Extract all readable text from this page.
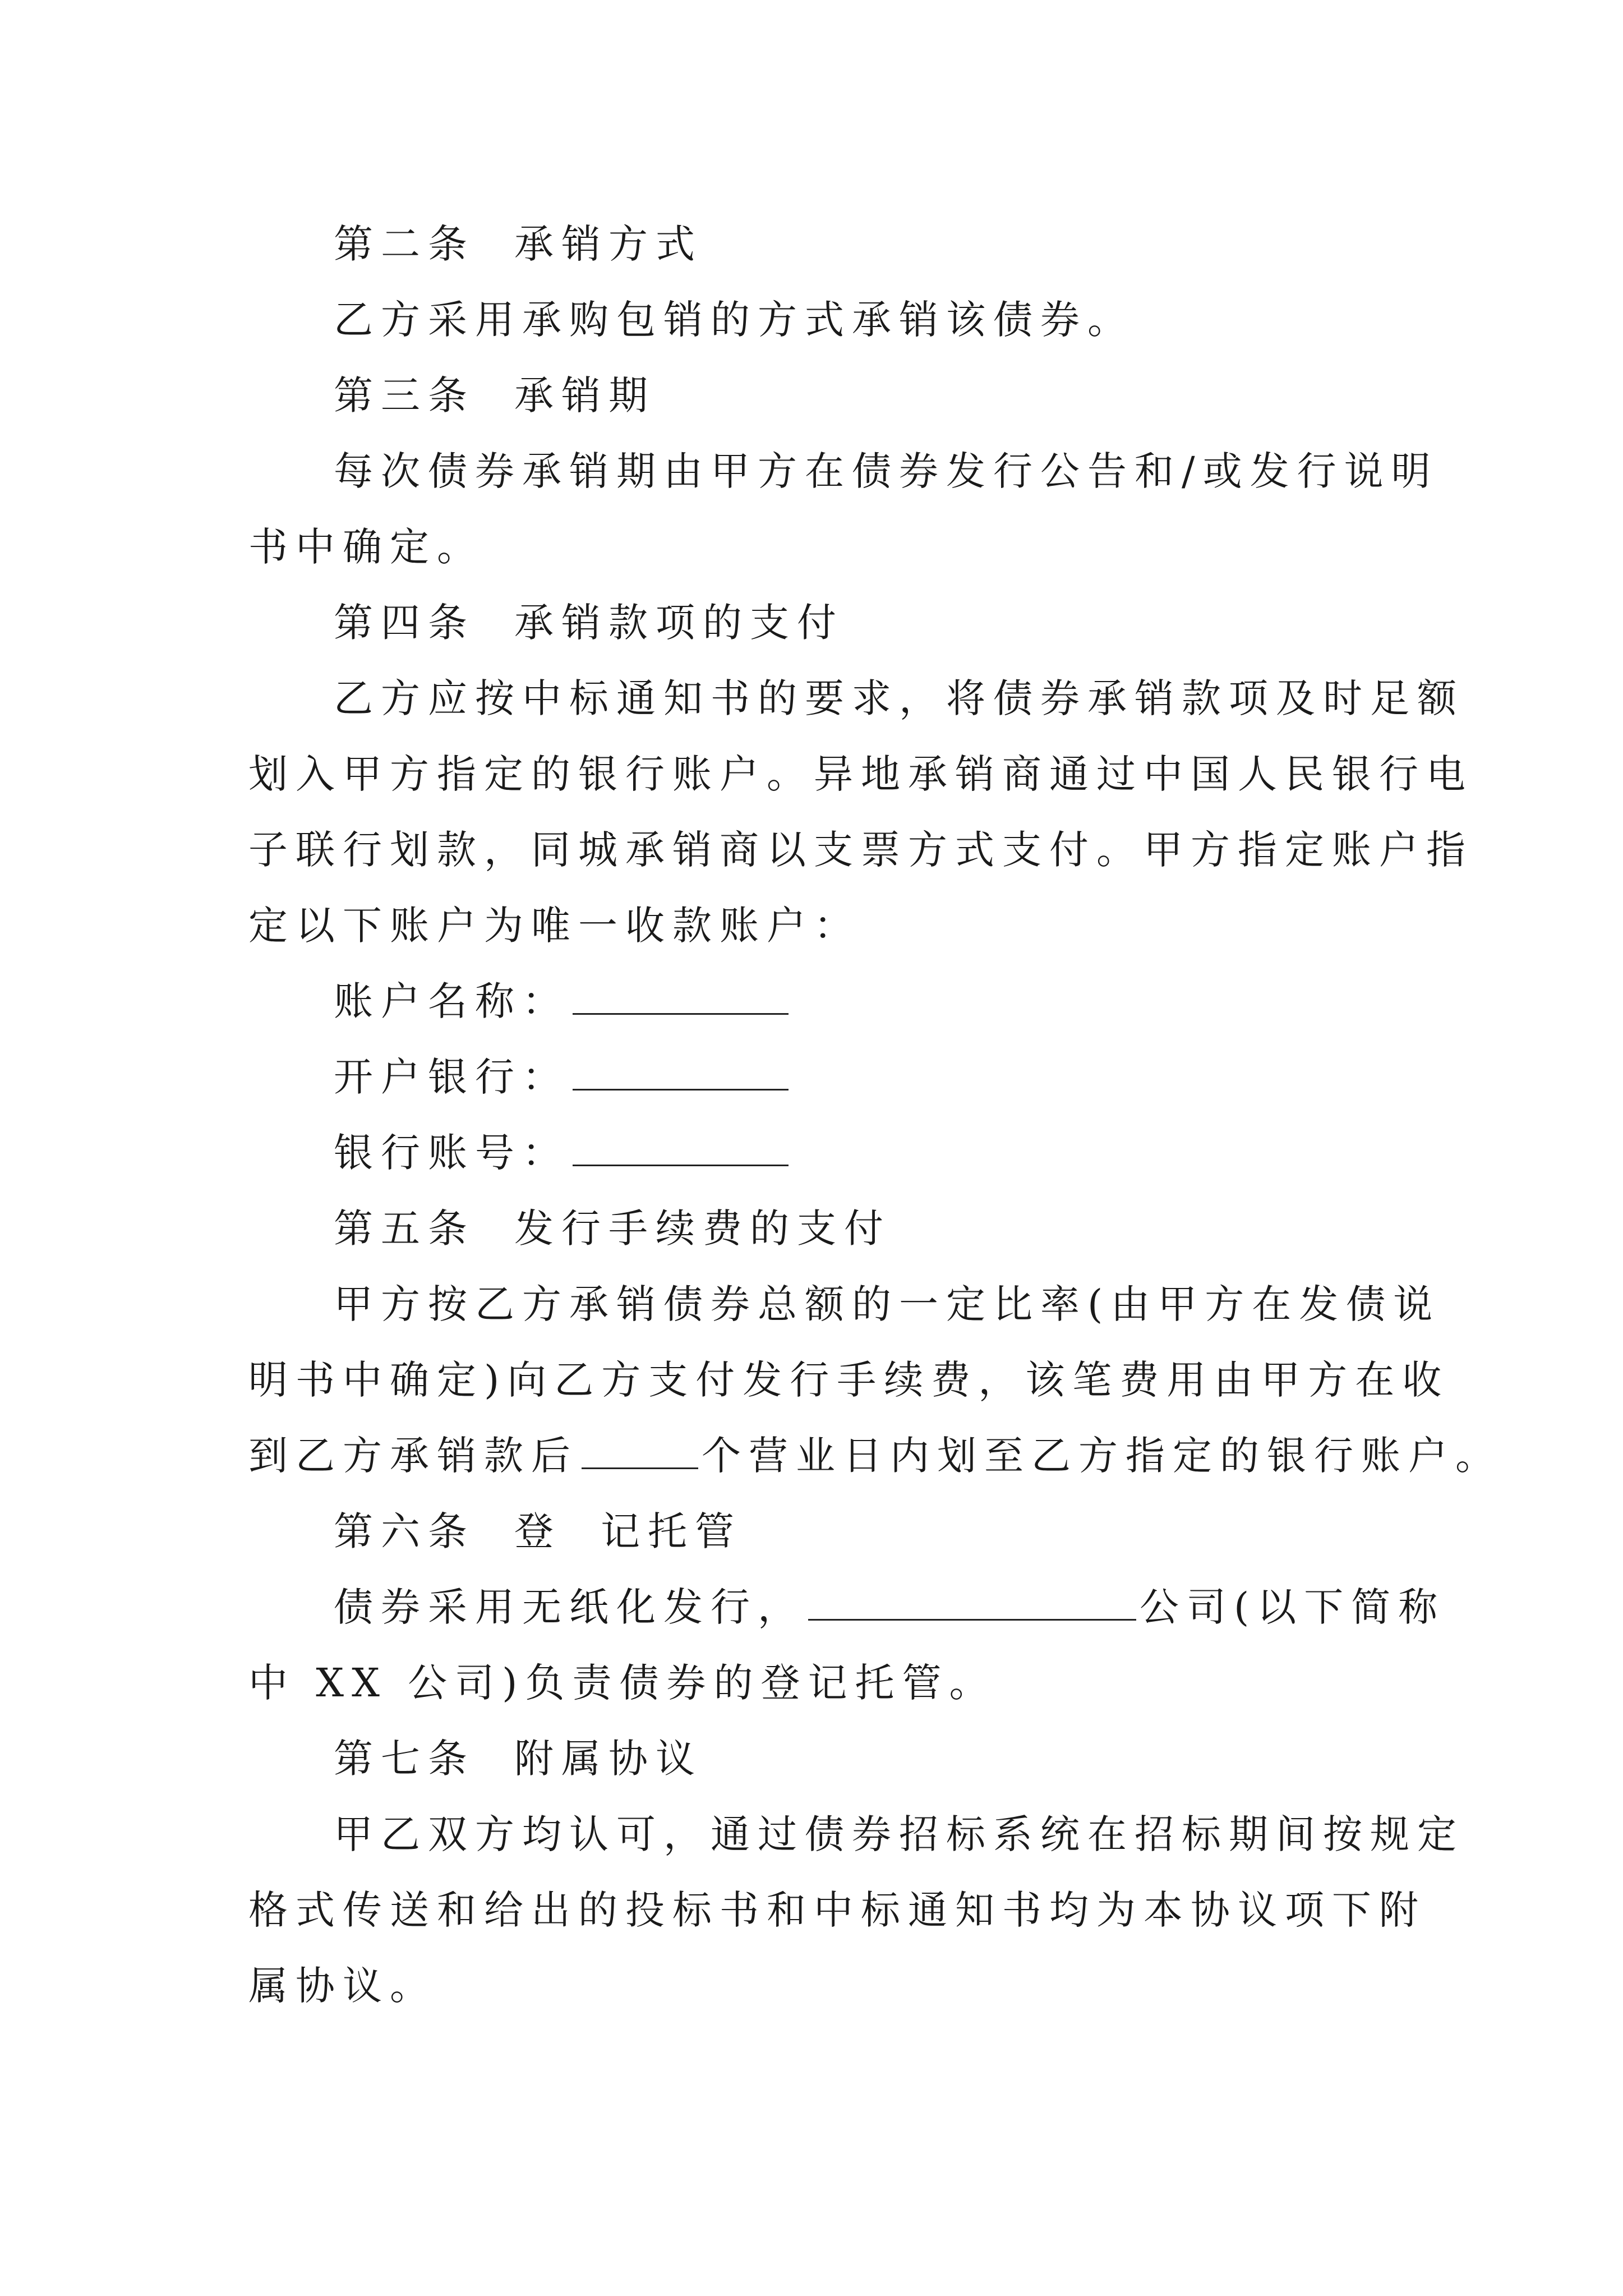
第二条 承销方式
乙方采用承购包销的方式承销该债券。
第三条 承销期
每次债券承销期由甲方在债券发行公告和/或发行说明
书中确定。
第四条 承销款项的支付
乙方应按中标通知书的要求，将债券承销款项及时足额
划入甲方指定的银行账户。异地承销商通过中国人民银行电
子联行划款，同城承销商以支票方式支付。甲方指定账户指
定以下账户为唯一收款账户：
账户名称：
开户银行：
银行账号：
第五条 发行手续费的支付
甲方按乙方承销债券总额的一定比率(由甲方在发债说
明书中确定)向乙方支付发行手续费，该笔费用由甲方在收
到乙方承销款后	个营业日内划至乙方指定的银行账户。
第六条 登 记托管
债券采用无纸化发行，	公司(以下简称
中 XX 公司)负责债券的登记托管。
第七条 附属协议
甲乙双方均认可，通过债券招标系统在招标期间按规定
格式传送和给出的投标书和中标通知书均为本协议项下附
属协议。
